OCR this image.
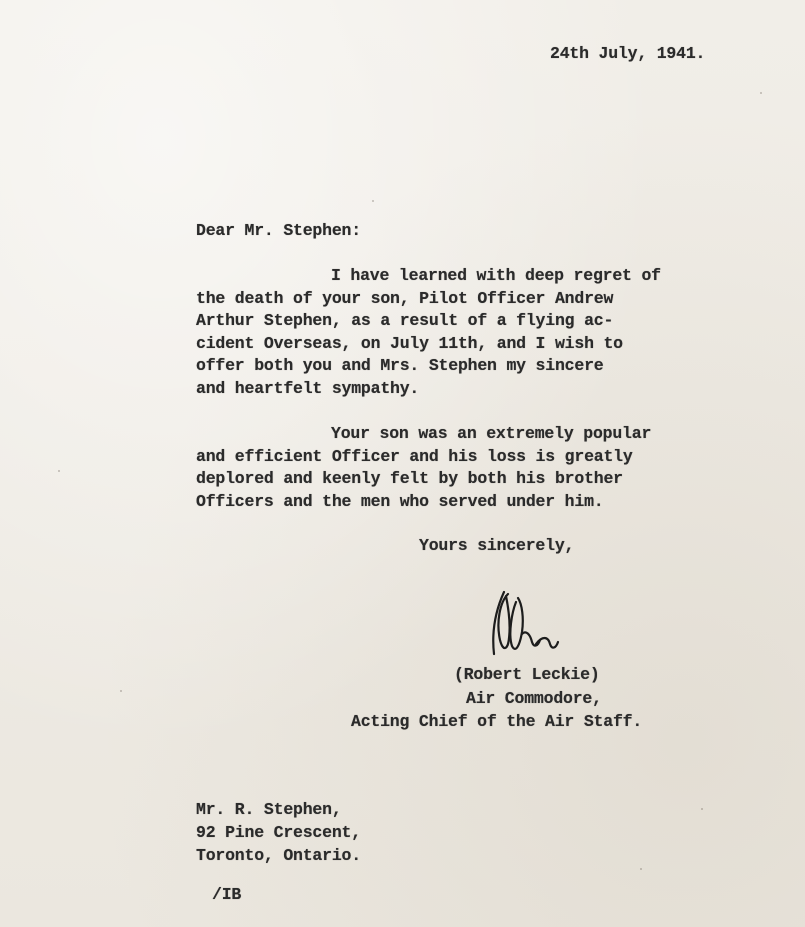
24th July, 1941.

Dear Mr. Stephen:

I have learned with deep regret of
the death of your son, Pilot Officer Andrew
Arthur Stephen, as a result of a flying ac-
cident Overseas, on July 11th, and I wish to
offer both you and Mrs. Stephen my sincere
and heartfelt sympathy.
Your son was an extremely popular
and efficient Officer and his loss is greatly
deplored and keenly felt by both his brother
Officers and the men who served under him.

Yours sincerely,

(Robert Leckie)

Air Commodore,

Acting Chief of the Air Staff.

Mr. R. Stephen,

92 Pine Crescent,

Toronto, Ontario.

/IB
